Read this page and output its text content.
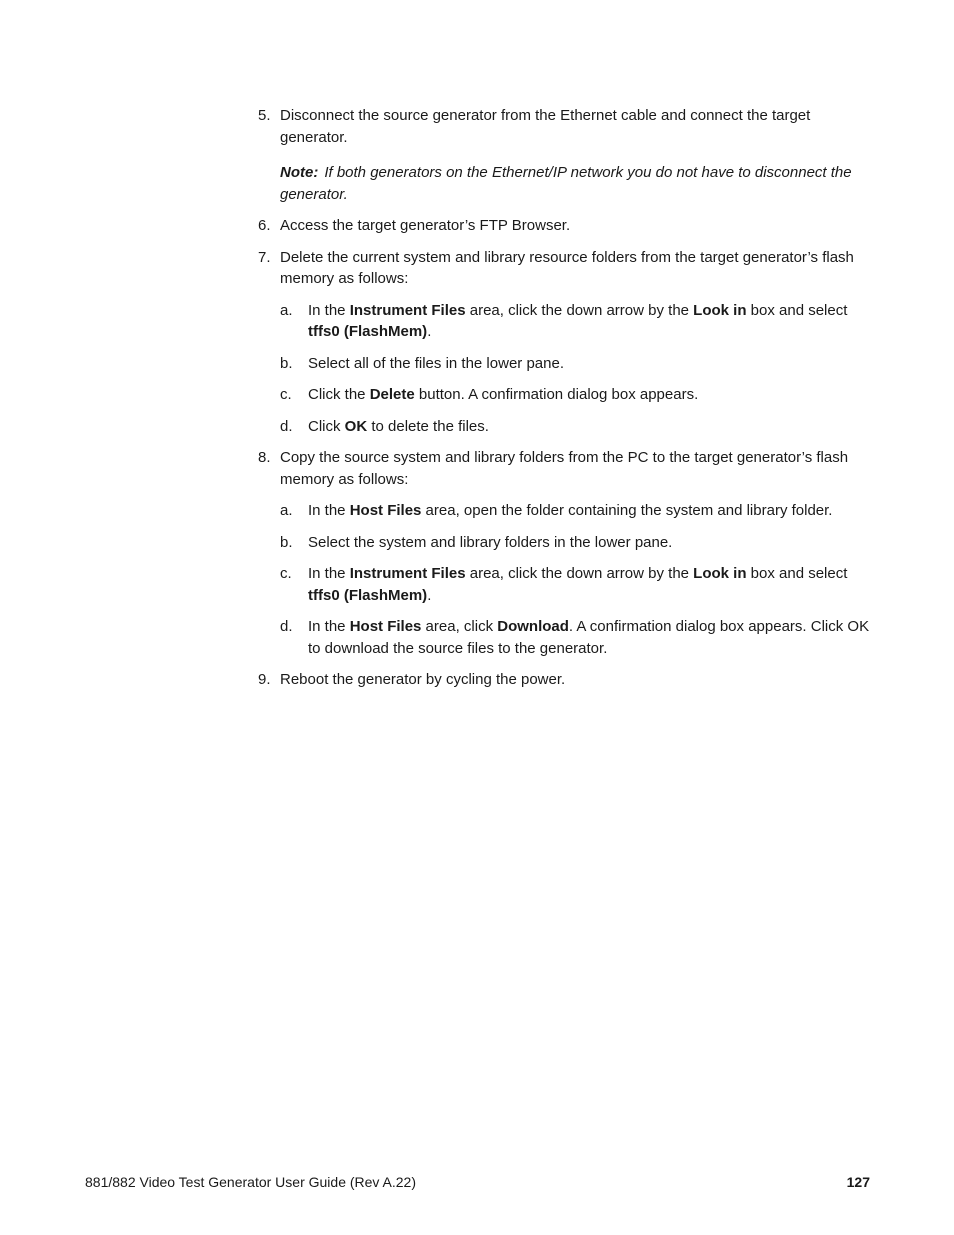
5. Disconnect the source generator from the Ethernet cable and connect the target generator.
Note: If both generators on the Ethernet/IP network you do not have to disconnect the generator.
6. Access the target generator’s FTP Browser.
7. Delete the current system and library resource folders from the target generator’s flash memory as follows:
a. In the Instrument Files area, click the down arrow by the Look in box and select tffs0 (FlashMem).
b. Select all of the files in the lower pane.
c. Click the Delete button. A confirmation dialog box appears.
d. Click OK to delete the files.
8. Copy the source system and library folders from the PC to the target generator’s flash memory as follows:
a. In the Host Files area, open the folder containing the system and library folder.
b. Select the system and library folders in the lower pane.
c. In the Instrument Files area, click the down arrow by the Look in box and select tffs0 (FlashMem).
d. In the Host Files area, click Download. A confirmation dialog box appears. Click OK to download the source files to the generator.
9. Reboot the generator by cycling the power.
881/882 Video Test Generator User Guide (Rev A.22)	127
